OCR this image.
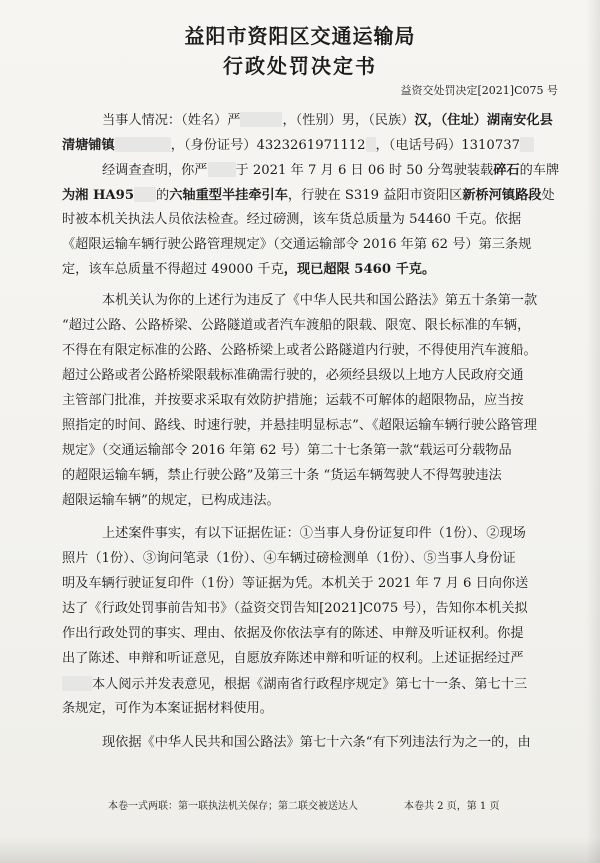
益阳市资阳区交通运输局
行政处罚决定书
益资交处罚决定[2021]C075 号
当事人情况：（姓名）严	，（性别）男，（民族）汉，（住址）湖南安化县
清塘铺镇	，（身份证号）432326197111​2 ，（电话号码）1310737
经调查查明，你严 于 2021 年 7 月 6 日 06 时 50 分驾驶装载碎石的车牌
为湘 HA95 的六轴重型半挂牵引车，行驶在 S319 益阳市资阳区新桥河镇路段处
时被本机关执法人员依法检查。经过磅测，该车货总质量为 54460 千克。依据
《超限运输车辆行驶公路管理规定》（交通运输部令 2016 年第 62 号）第三条规
定，该车总质量不得超过 49000 千克，现已超限 5460 千克。
本机关认为你的上述行为违反了《中华人民共和国公路法》第五十条第一款
“超过公路、公路桥梁、公路隧道或者汽车渡船的限载、限宽、限长标准的车辆，
不得在有限定标准的公路、公路桥梁上或者公路隧道内行驶，不得使用汽车渡船。
超过公路或者公路桥梁限载标准确需行驶的，必须经县级以上地方人民政府交通
主管部门批准，并按要求采取有效防护措施；运载不可解体的超限物品，应当按
照指定的时间、路线、时速行驶，并悬挂明显标志”、《超限运输车辆行驶公路管理
规定》（交通运输部令 2016 年第 62 号）第二十七条第一款“载运可分载物品
的超限运输车辆，禁止行驶公路”及第三十条 “货运车辆驾驶人不得驾驶违法
超限运输车辆”的规定，已构成违法。
上述案件事实，有以下证据佐证：①当事人身份证复印件（1份）、②现场
照片（1份）、③询问笔录（1份）、④车辆过磅检测单（1份）、⑤当事人身份证
明及车辆行驶证复印件（1份）等证据为凭。本机关于 2021 年 7 月 6 日向你送
达了《行政处罚事前告知书》（益资交罚告知[2021]C075 号），告知你本机关拟
作出行政处罚的事实、理由、依据及你依法享有的陈述、申辩及听证权利。你提
出了陈述、申辩和听证意见，自愿放弃陈述申辩和听证的权利。上述证据经过严
本人阅示并发表意见，根据《湖南省行政程序规定》第七十一条、第七十三
条规定，可作为本案证据材料使用。
现依据《中华人民共和国公路法》第七十六条“有下列违法行为之一的，由
本卷一式两联：第一联执法机关保存；第二联交被送达人	本卷共 2 页，第 1 页
